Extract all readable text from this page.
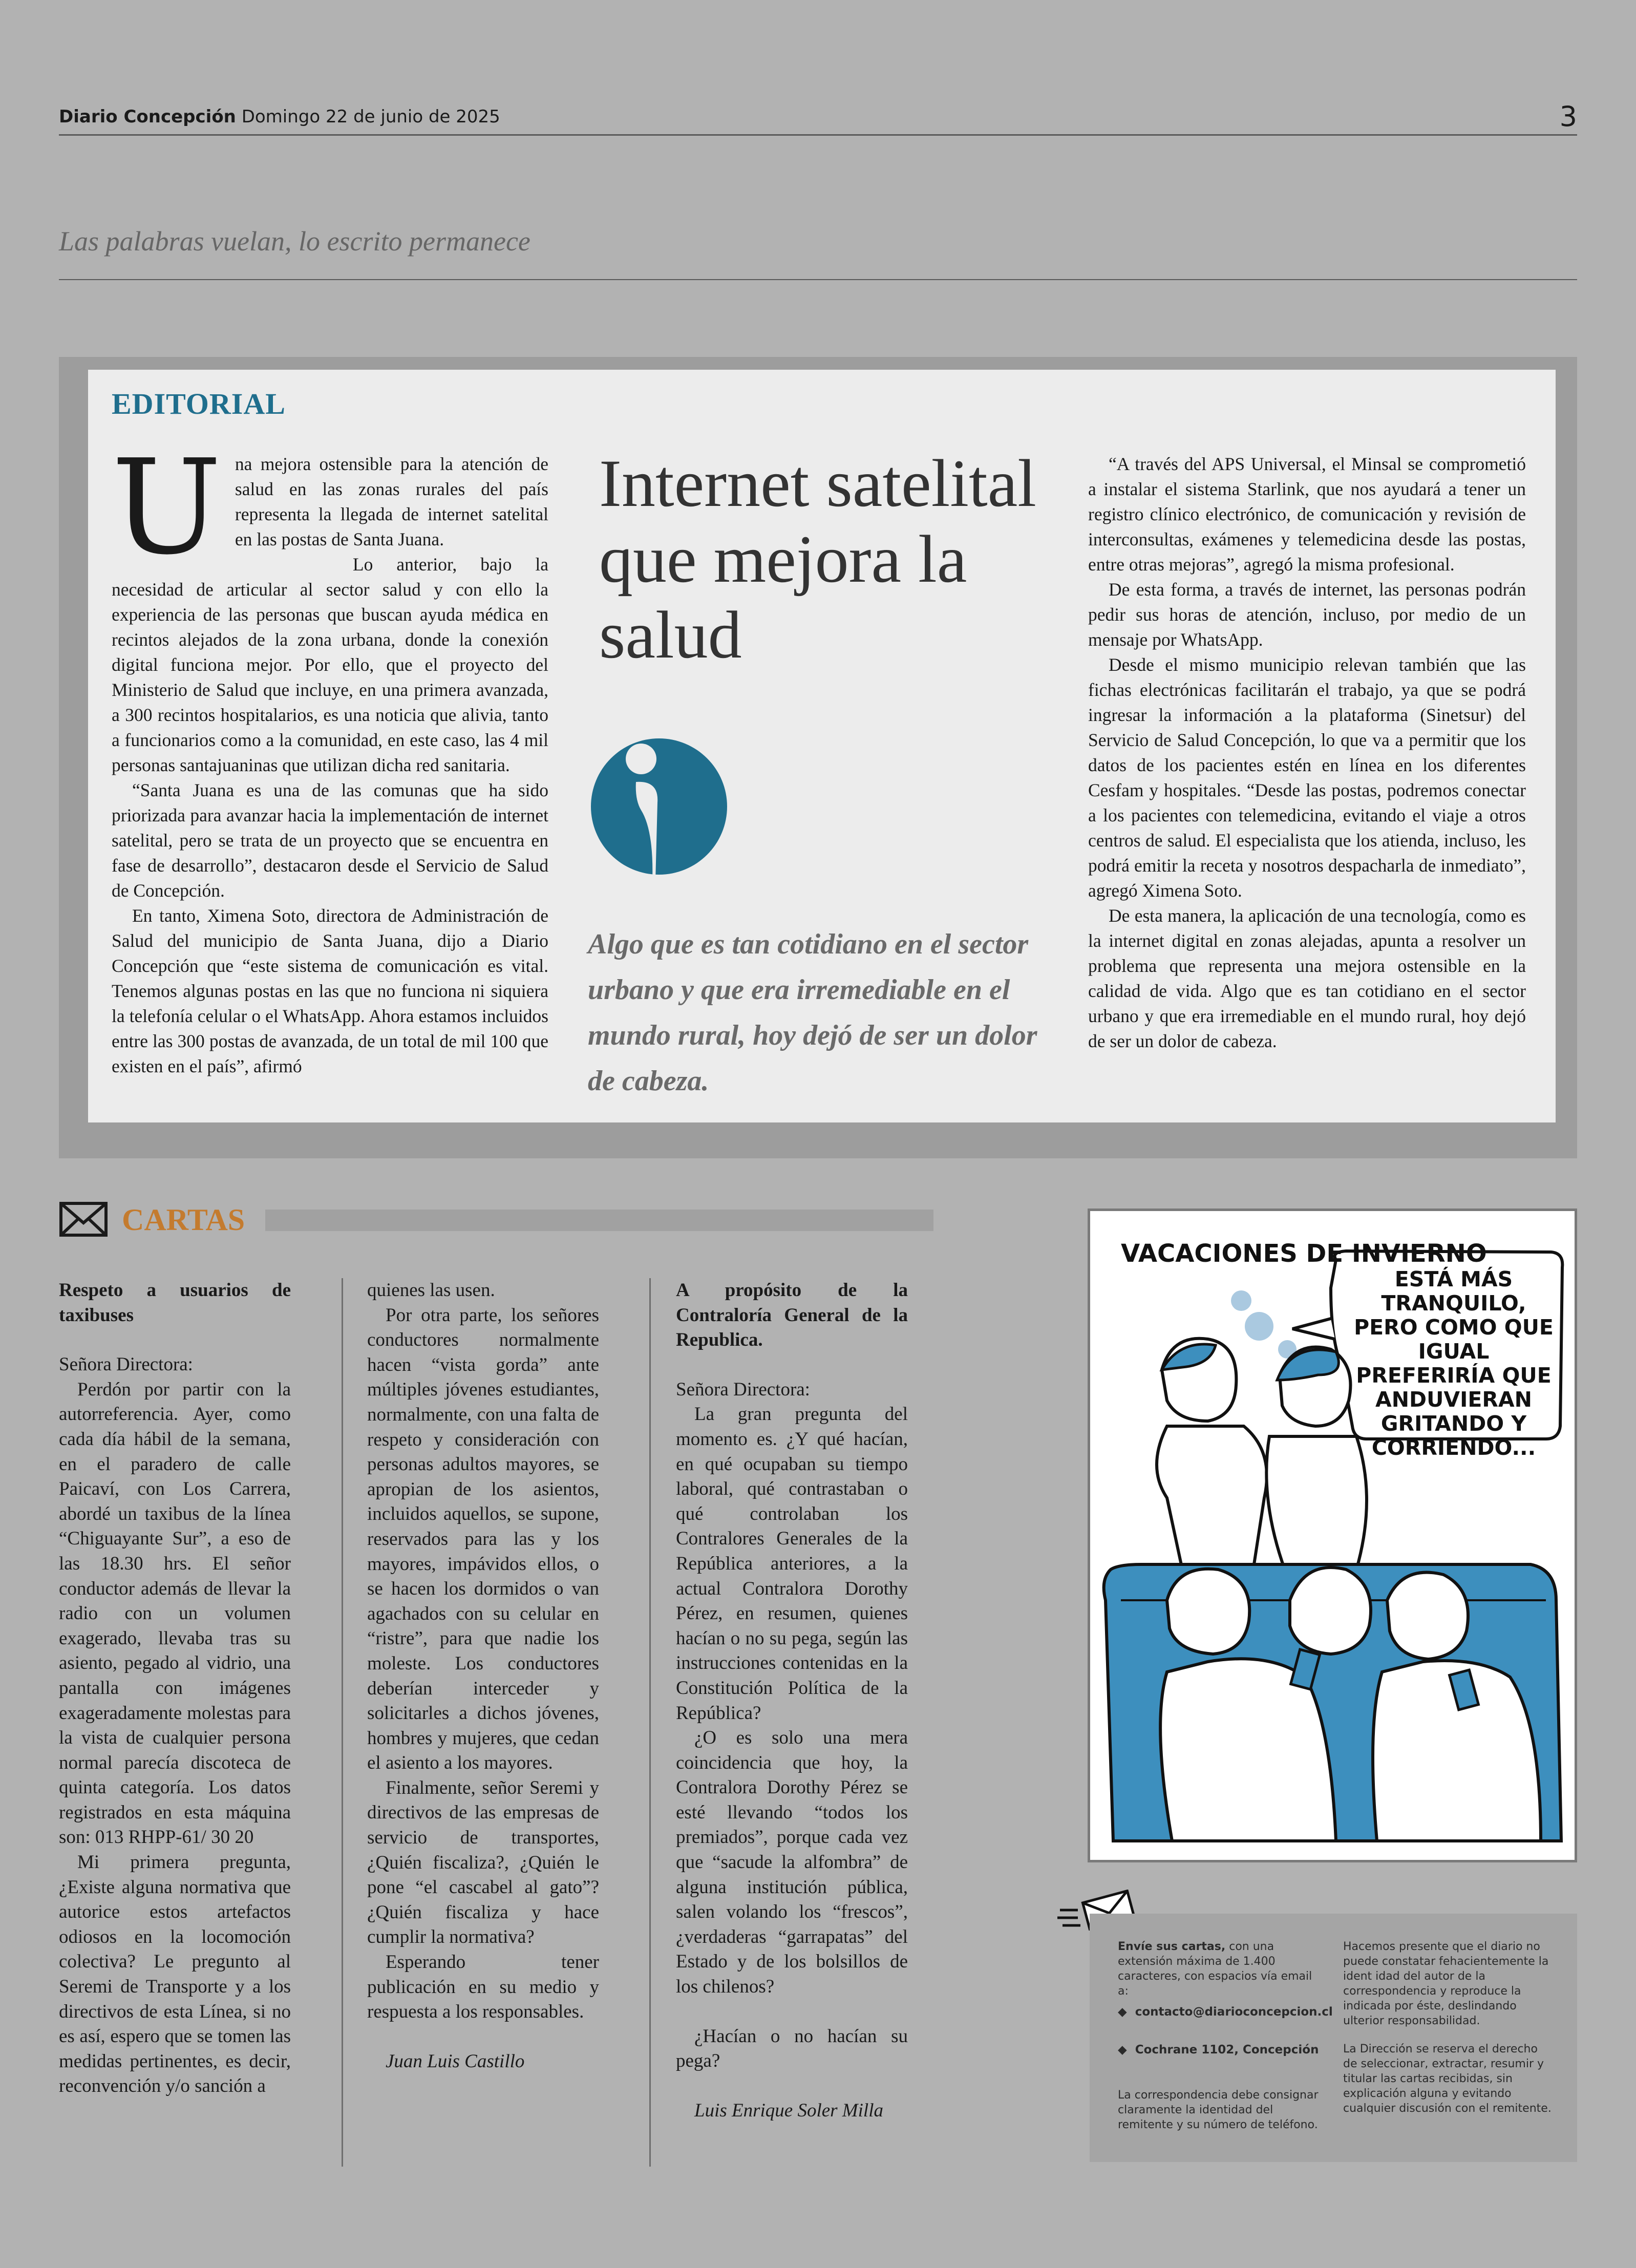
Diario Concepción Domingo 22 de junio de 2025	3
Las palabras vuelan, lo escrito permanece
EDITORIAL
U na mejora ostensible para la atención de salud en las zonas rurales del país representa la llegada de internet satelital en las postas de Santa Juana.

Lo anterior, bajo la necesidad de articular al sector salud y con ello la experiencia de las personas que buscan ayuda médica en recintos alejados de la zona urbana, donde la conexión digital funciona mejor. Por ello, que el proyecto del Ministerio de Salud que incluye, en una primera avanzada, a 300 recintos hospitalarios, es una noticia que alivia, tanto a funcionarios como a la comunidad, en este caso, las 4 mil personas santajuaninas que utilizan dicha red sanitaria.

“Santa Juana es una de las comunas que ha sido priorizada para avanzar hacia la implementación de internet satelital, pero se trata de un proyecto que se encuentra en fase de desarrollo”, destacaron desde el Servicio de Salud de Concepción.

En tanto, Ximena Soto, directora de Administración de Salud del municipio de Santa Juana, dijo a Diario Concepción que “este sistema de comunicación es vital. Tenemos algunas postas en las que no funciona ni siquiera la telefonía celular o el WhatsApp. Ahora estamos incluidos entre las 300 postas de avanzada, de un total de mil 100 que existen en el país”, afirmó

Internet satelital que mejora la salud
Algo que es tan cotidiano en el sector urbano y que era irremediable en el mundo rural, hoy dejó de ser un dolor de cabeza.

“A través del APS Universal, el Minsal se comprometió a instalar el sistema Starlink, que nos ayudará a tener un registro clínico electrónico, de comunicación y revisión de interconsultas, exámenes y telemedicina desde las postas, entre otras mejoras”, agregó la misma profesional.

De esta forma, a través de internet, las personas podrán pedir sus horas de atención, incluso, por medio de un mensaje por WhatsApp.

Desde el mismo municipio relevan también que las fichas electrónicas facilitarán el trabajo, ya que se podrá ingresar la información a la plataforma (Sinetsur) del Servicio de Salud Concepción, lo que va a permitir que los datos de los pacientes estén en línea en los diferentes Cesfam y hospitales. “Desde las postas, podremos conectar a los pacientes con telemedicina, evitando el viaje a otros centros de salud. El especialista que los atienda, incluso, les podrá emitir la receta y nosotros despacharla de inmediato”, agregó Ximena Soto.

De esta manera, la aplicación de una tecnología, como es la internet digital en zonas alejadas, apunta a resolver un problema que representa una mejora ostensible en la calidad de vida. Algo que es tan cotidiano en el sector urbano y que era irremediable en el mundo rural, hoy dejó de ser un dolor de cabeza.

CARTAS

Respeto a usuarios de taxibuses

Señora Directora:

Perdón por partir con la autorreferencia. Ayer, como cada día hábil de la semana, en el paradero de calle Paicaví, con Los Carrera, abordé un taxibus de la línea “Chiguayante Sur”, a eso de las 18.30 hrs. El señor conductor además de llevar la radio con un volumen exagerado, llevaba tras su asiento, pegado al vidrio, una pantalla con imágenes exageradamente molestas para la vista de cualquier persona normal parecía discoteca de quinta categoría. Los datos registrados en esta máquina son: 013 RHPP-61/ 30 20

Mi primera pregunta, ¿Existe alguna normativa que autorice estos artefactos odiosos en la locomoción colectiva? Le pregunto al Seremi de Transporte y a los directivos de esta Línea, si no es así, espero que se tomen las medidas pertinentes, es decir, reconvención y/o sanción a

quienes las usen.

Por otra parte, los señores conductores normalmente hacen “vista gorda” ante múltiples jóvenes estudiantes, normalmente, con una falta de respeto y consideración con personas adultos mayores, se apropian de los asientos, incluidos aquellos, se supone, reservados para las y los mayores, impávidos ellos, o se hacen los dormidos o van agachados con su celular en “ristre”, para que nadie los moleste. Los conductores deberían interceder y solicitarles a dichos jóvenes, hombres y mujeres, que cedan el asiento a los mayores.

Finalmente, señor Seremi y directivos de las empresas de servicio de transportes, ¿Quién fiscaliza?, ¿Quién le pone “el cascabel al gato”? ¿Quién fiscaliza y hace cumplir la normativa?

Esperando tener publicación en su medio y respuesta a los responsables.

Juan Luis Castillo

A propósito de la Contraloría General de la Republica.

Señora Directora:

La gran pregunta del momento es. ¿Y qué hacían, en qué ocupaban su tiempo laboral, qué contrastaban o qué controlaban los Contralores Generales de la República anteriores, a la actual Contralora Dorothy Pérez, en resumen, quienes hacían o no su pega, según las instrucciones contenidas en la Constitución Política de la República?

¿O es solo una mera coincidencia que hoy, la Contralora Dorothy Pérez se esté llevando “todos los premiados”, porque cada vez que “sacude la alfombra” de alguna institución pública, salen volando los “frescos”, ¿verdaderas “garrapatas” del Estado y de los bolsillos de los chilenos?

¿Hacían o no hacían su pega?

Luis Enrique Soler Milla

VACACIONES DE INVIERNO
ESTÁ MÁS TRANQUILO, PERO COMO QUE IGUAL PREFERIRÍA QUE ANDUVIERAN GRITANDO Y CORRIENDO...
Envíe sus cartas, con una extensión máxima de 1.400 caracteres, con espacios vía email a:
◆  contacto@diarioconcepcion.cl
◆  Cochrane 1102, Concepción
La correspondencia debe consignar claramente la identidad del remitente y su número de teléfono.
Hacemos presente que el diario no puede constatar fehacientemente la ident idad del autor de la correspondencia y reproduce la indicada por éste, deslindando ulterior responsabilidad.
La Dirección se reserva el derecho de seleccionar, extractar, resumir y titular las cartas recibidas, sin explicación alguna y evitando cualquier discusión con el remitente.
